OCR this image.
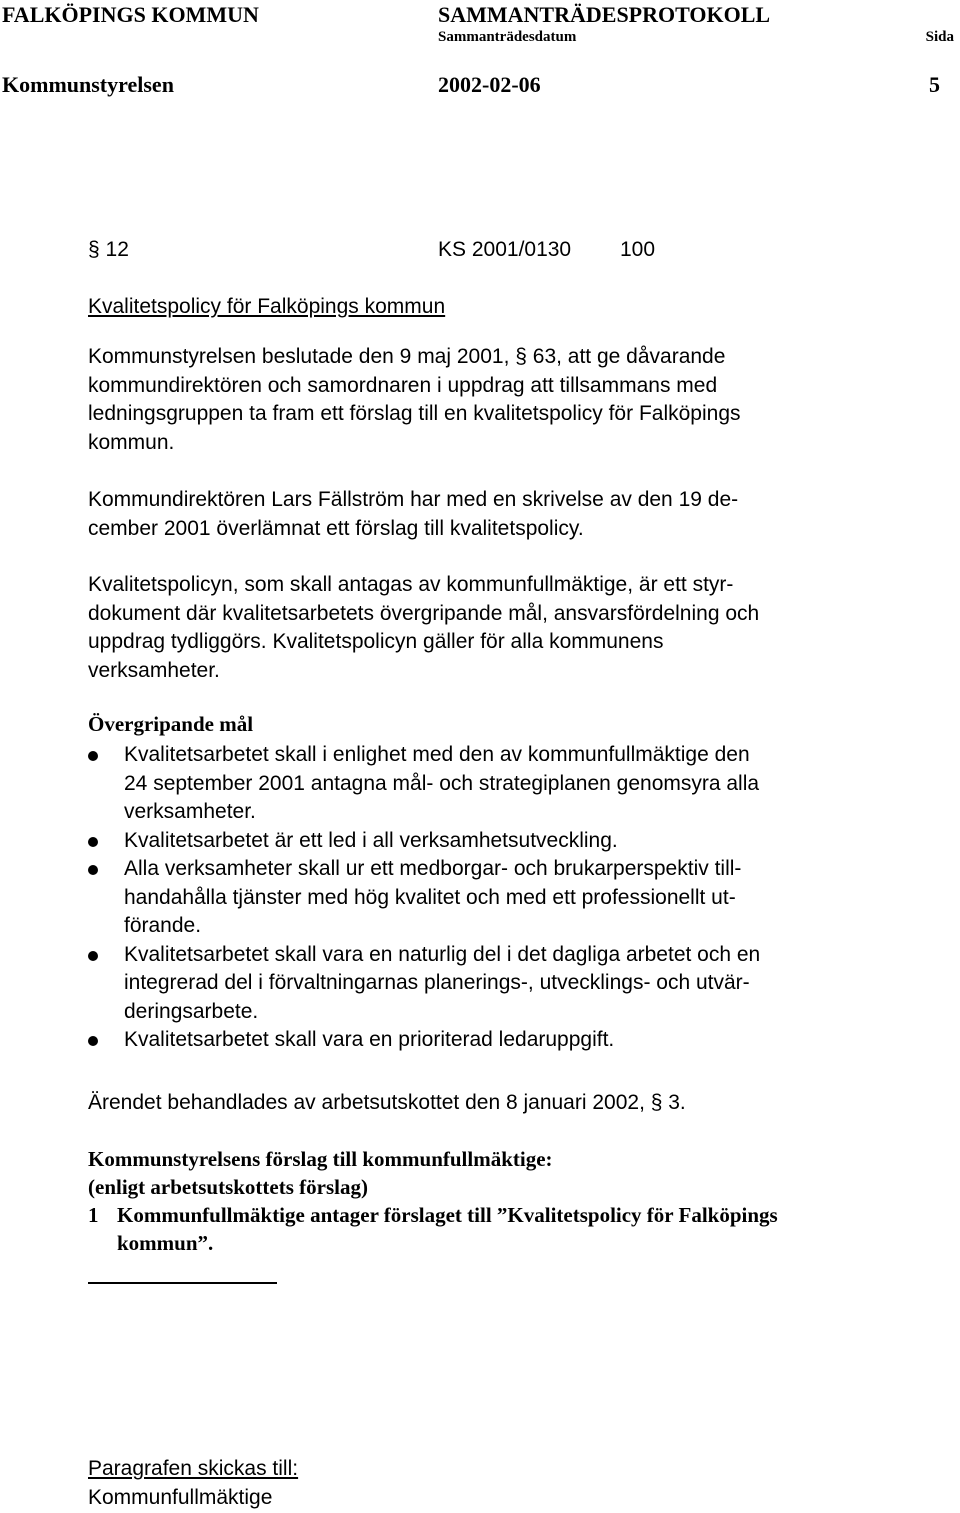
FALKÖPINGS KOMMUN	SAMMANTRÄDESPROTOKOLL
Sammanträdesdatum	Sida
Kommunstyrelsen	2002-02-06	5
§ 12	KS 2001/0130 100
Kvalitetspolicy för Falköpings kommun
Kommunstyrelsen beslutade den 9 maj 2001, § 63, att ge dåvarande
kommundirektören och samordnaren i uppdrag att tillsammans med
ledningsgruppen ta fram ett förslag till en kvalitetspolicy för Falköpings
kommun.
Kommundirektören Lars Fällström har med en skrivelse av den 19 de-
cember 2001 överlämnat ett förslag till kvalitetspolicy.
Kvalitetspolicyn, som skall antagas av kommunfullmäktige, är ett styr-
dokument där kvalitetsarbetets övergripande mål, ansvarsfördelning och
uppdrag tydliggörs. Kvalitetspolicyn gäller för alla kommunens
verksamheter.
Övergripande mål
Kvalitetsarbetet skall i enlighet med den av kommunfullmäktige den
24 september 2001 antagna mål- och strategiplanen genomsyra alla
verksamheter.
Kvalitetsarbetet är ett led i all verksamhetsutveckling.
Alla verksamheter skall ur ett medborgar- och brukarperspektiv till-
handahålla tjänster med hög kvalitet och med ett professionellt ut-
förande.
Kvalitetsarbetet skall vara en naturlig del i det dagliga arbetet och en
integrerad del i förvaltningarnas planerings-, utvecklings- och utvär-
deringsarbete.
Kvalitetsarbetet skall vara en prioriterad ledaruppgift.
Ärendet behandlades av arbetsutskottet den 8 januari 2002, § 3.
Kommunstyrelsens förslag till kommunfullmäktige:
(enligt arbetsutskottets förslag)
1 Kommunfullmäktige antager förslaget till ”Kvalitetspolicy för Falköpings
kommun”.
Paragrafen skickas till:
Kommunfullmäktige
